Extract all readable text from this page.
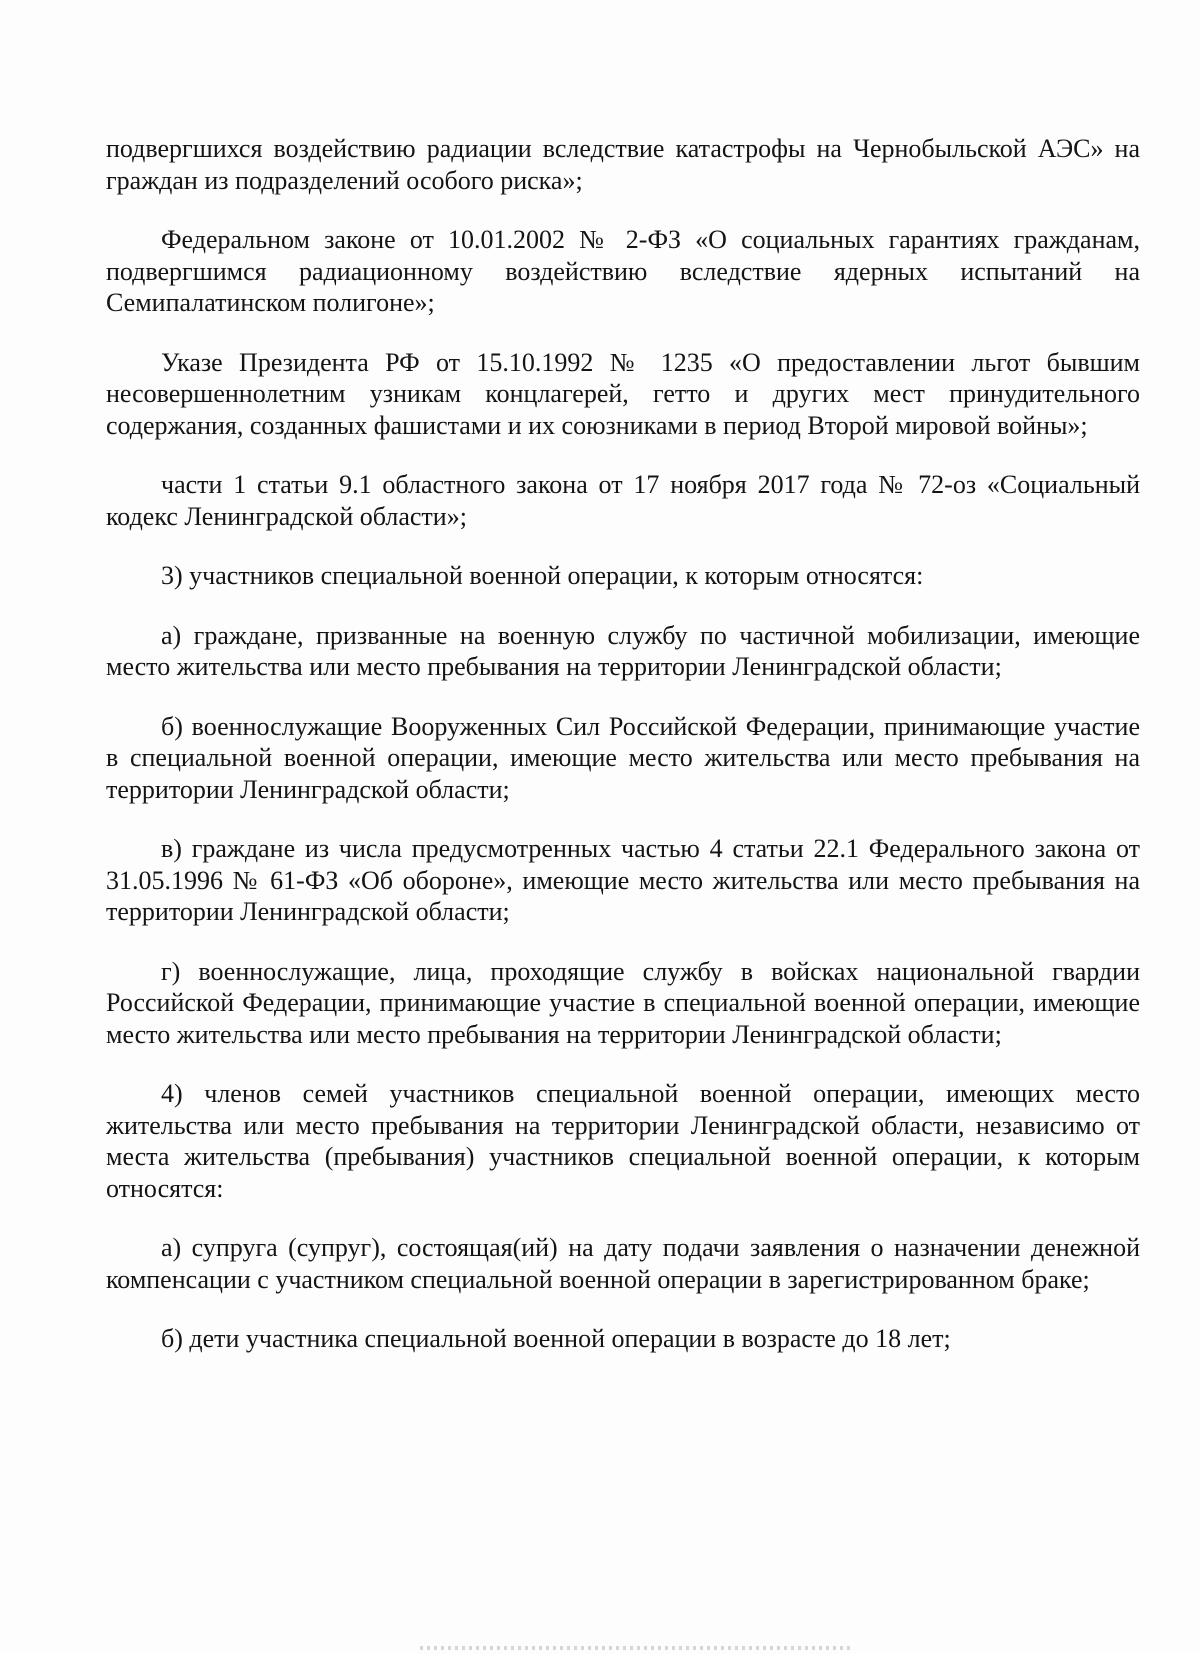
подвергшихся воздействию радиации вследствие катастрофы на Чернобыльской АЭС» на граждан из подразделений особого риска»;

Федеральном законе от 10.01.2002 № 2-ФЗ «О социальных гарантиях гражданам, подвергшимся радиационному воздействию вследствие ядерных испытаний на Семипалатинском полигоне»;

Указе Президента РФ от 15.10.1992 № 1235 «О предоставлении льгот бывшим несовершеннолетним узникам концлагерей, гетто и других мест принудительного содержания, созданных фашистами и их союзниками в период Второй мировой войны»;

части 1 статьи 9.1 областного закона от 17 ноября 2017 года № 72-оз «Социальный кодекс Ленинградской области»;

3) участников специальной военной операции, к которым относятся:

а) граждане, призванные на военную службу по частичной мобилизации, имеющие место жительства или место пребывания на территории Ленинградской области;

б) военнослужащие Вооруженных Сил Российской Федерации, принимающие участие в специальной военной операции, имеющие место жительства или место пребывания на территории Ленинградской области;

в) граждане из числа предусмотренных частью 4 статьи 22.1 Федерального закона от 31.05.1996 № 61-ФЗ «Об обороне», имеющие место жительства или место пребывания на территории Ленинградской области;

г) военнослужащие, лица, проходящие службу в войсках национальной гвардии Российской Федерации, принимающие участие в специальной военной операции, имеющие место жительства или место пребывания на территории Ленинградской области;

4) членов семей участников специальной военной операции, имеющих место жительства или место пребывания на территории Ленинградской области, независимо от места жительства (пребывания) участников специальной военной операции, к которым относятся:

а) супруга (супруг), состоящая(ий) на дату подачи заявления о назначении денежной компенсации с участником специальной военной операции в зарегистрированном браке;

б) дети участника специальной военной операции в возрасте до 18 лет;
